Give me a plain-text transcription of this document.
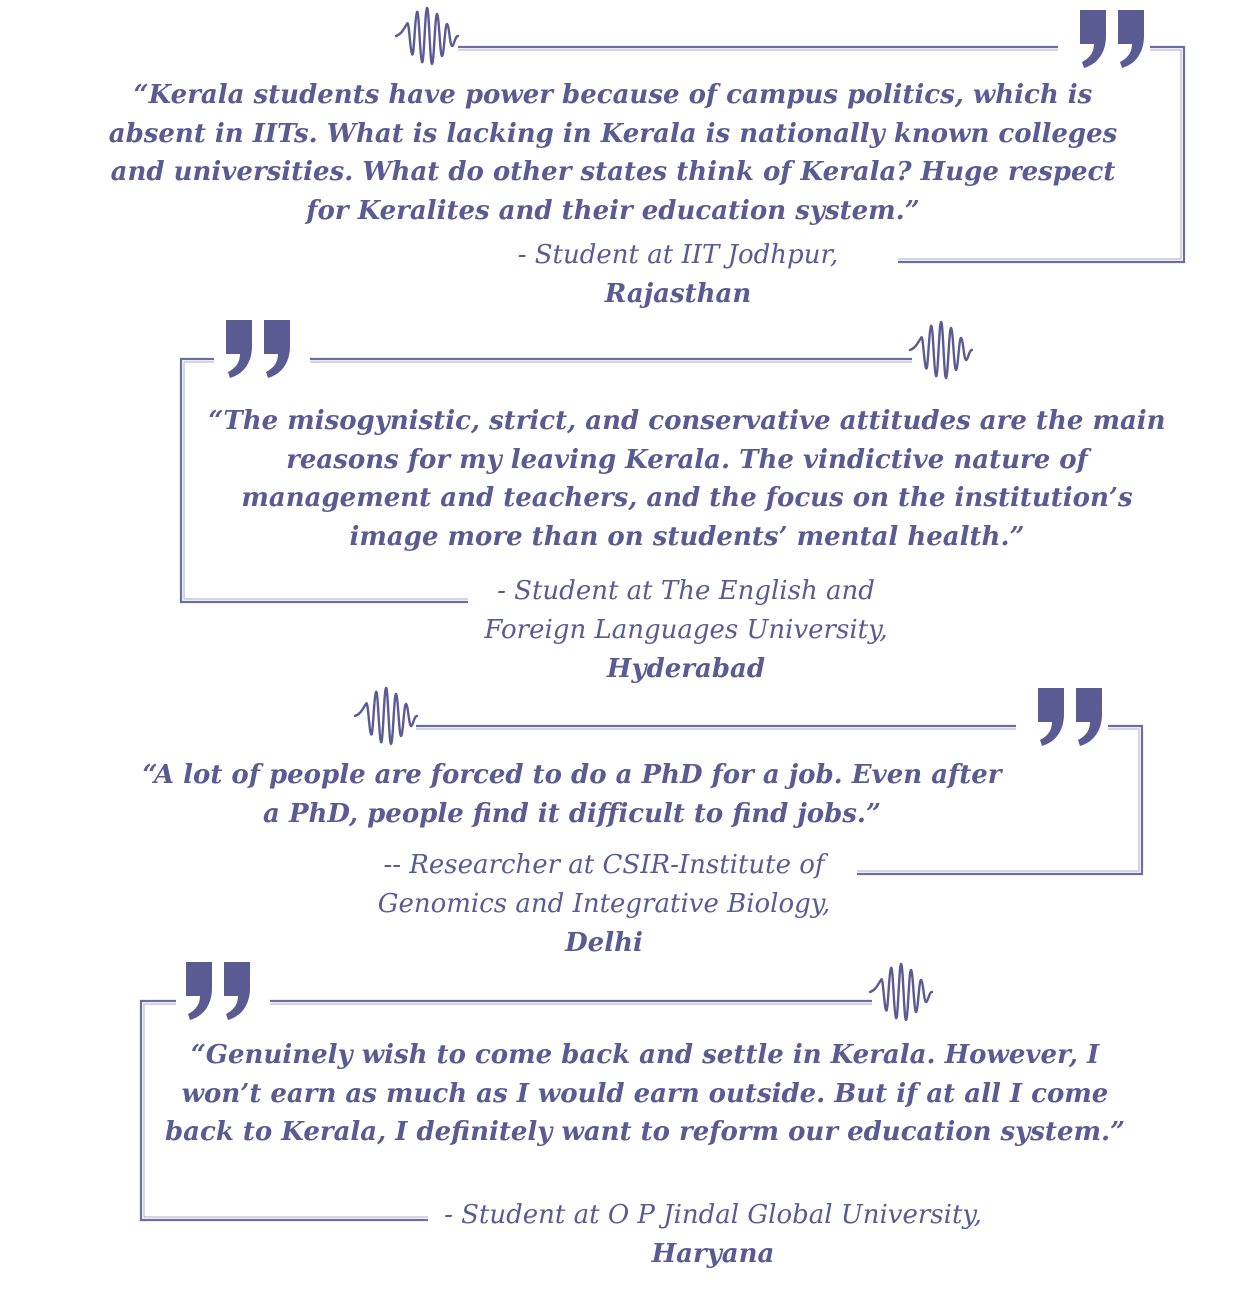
“Kerala students have power because of campus politics, which is
absent in IITs. What is lacking in Kerala is nationally known colleges
and universities. What do other states think of Kerala? Huge respect
for Keralites and their education system.”
- Student at IIT Jodhpur,
Rajasthan
“The misogynistic, strict, and conservative attitudes are the main
reasons for my leaving Kerala. The vindictive nature of
management and teachers, and the focus on the institution’s
image more than on students’ mental health.”
- Student at The English and
Foreign Languages University,
Hyderabad
“A lot of people are forced to do a PhD for a job. Even after
a PhD, people find it difficult to find jobs.”
-- Researcher at CSIR-Institute of
Genomics and Integrative Biology,
Delhi
“Genuinely wish to come back and settle in Kerala. However, I
won’t earn as much as I would earn outside. But if at all I come
back to Kerala, I definitely want to reform our education system.”
- Student at O P Jindal Global University,
Haryana
